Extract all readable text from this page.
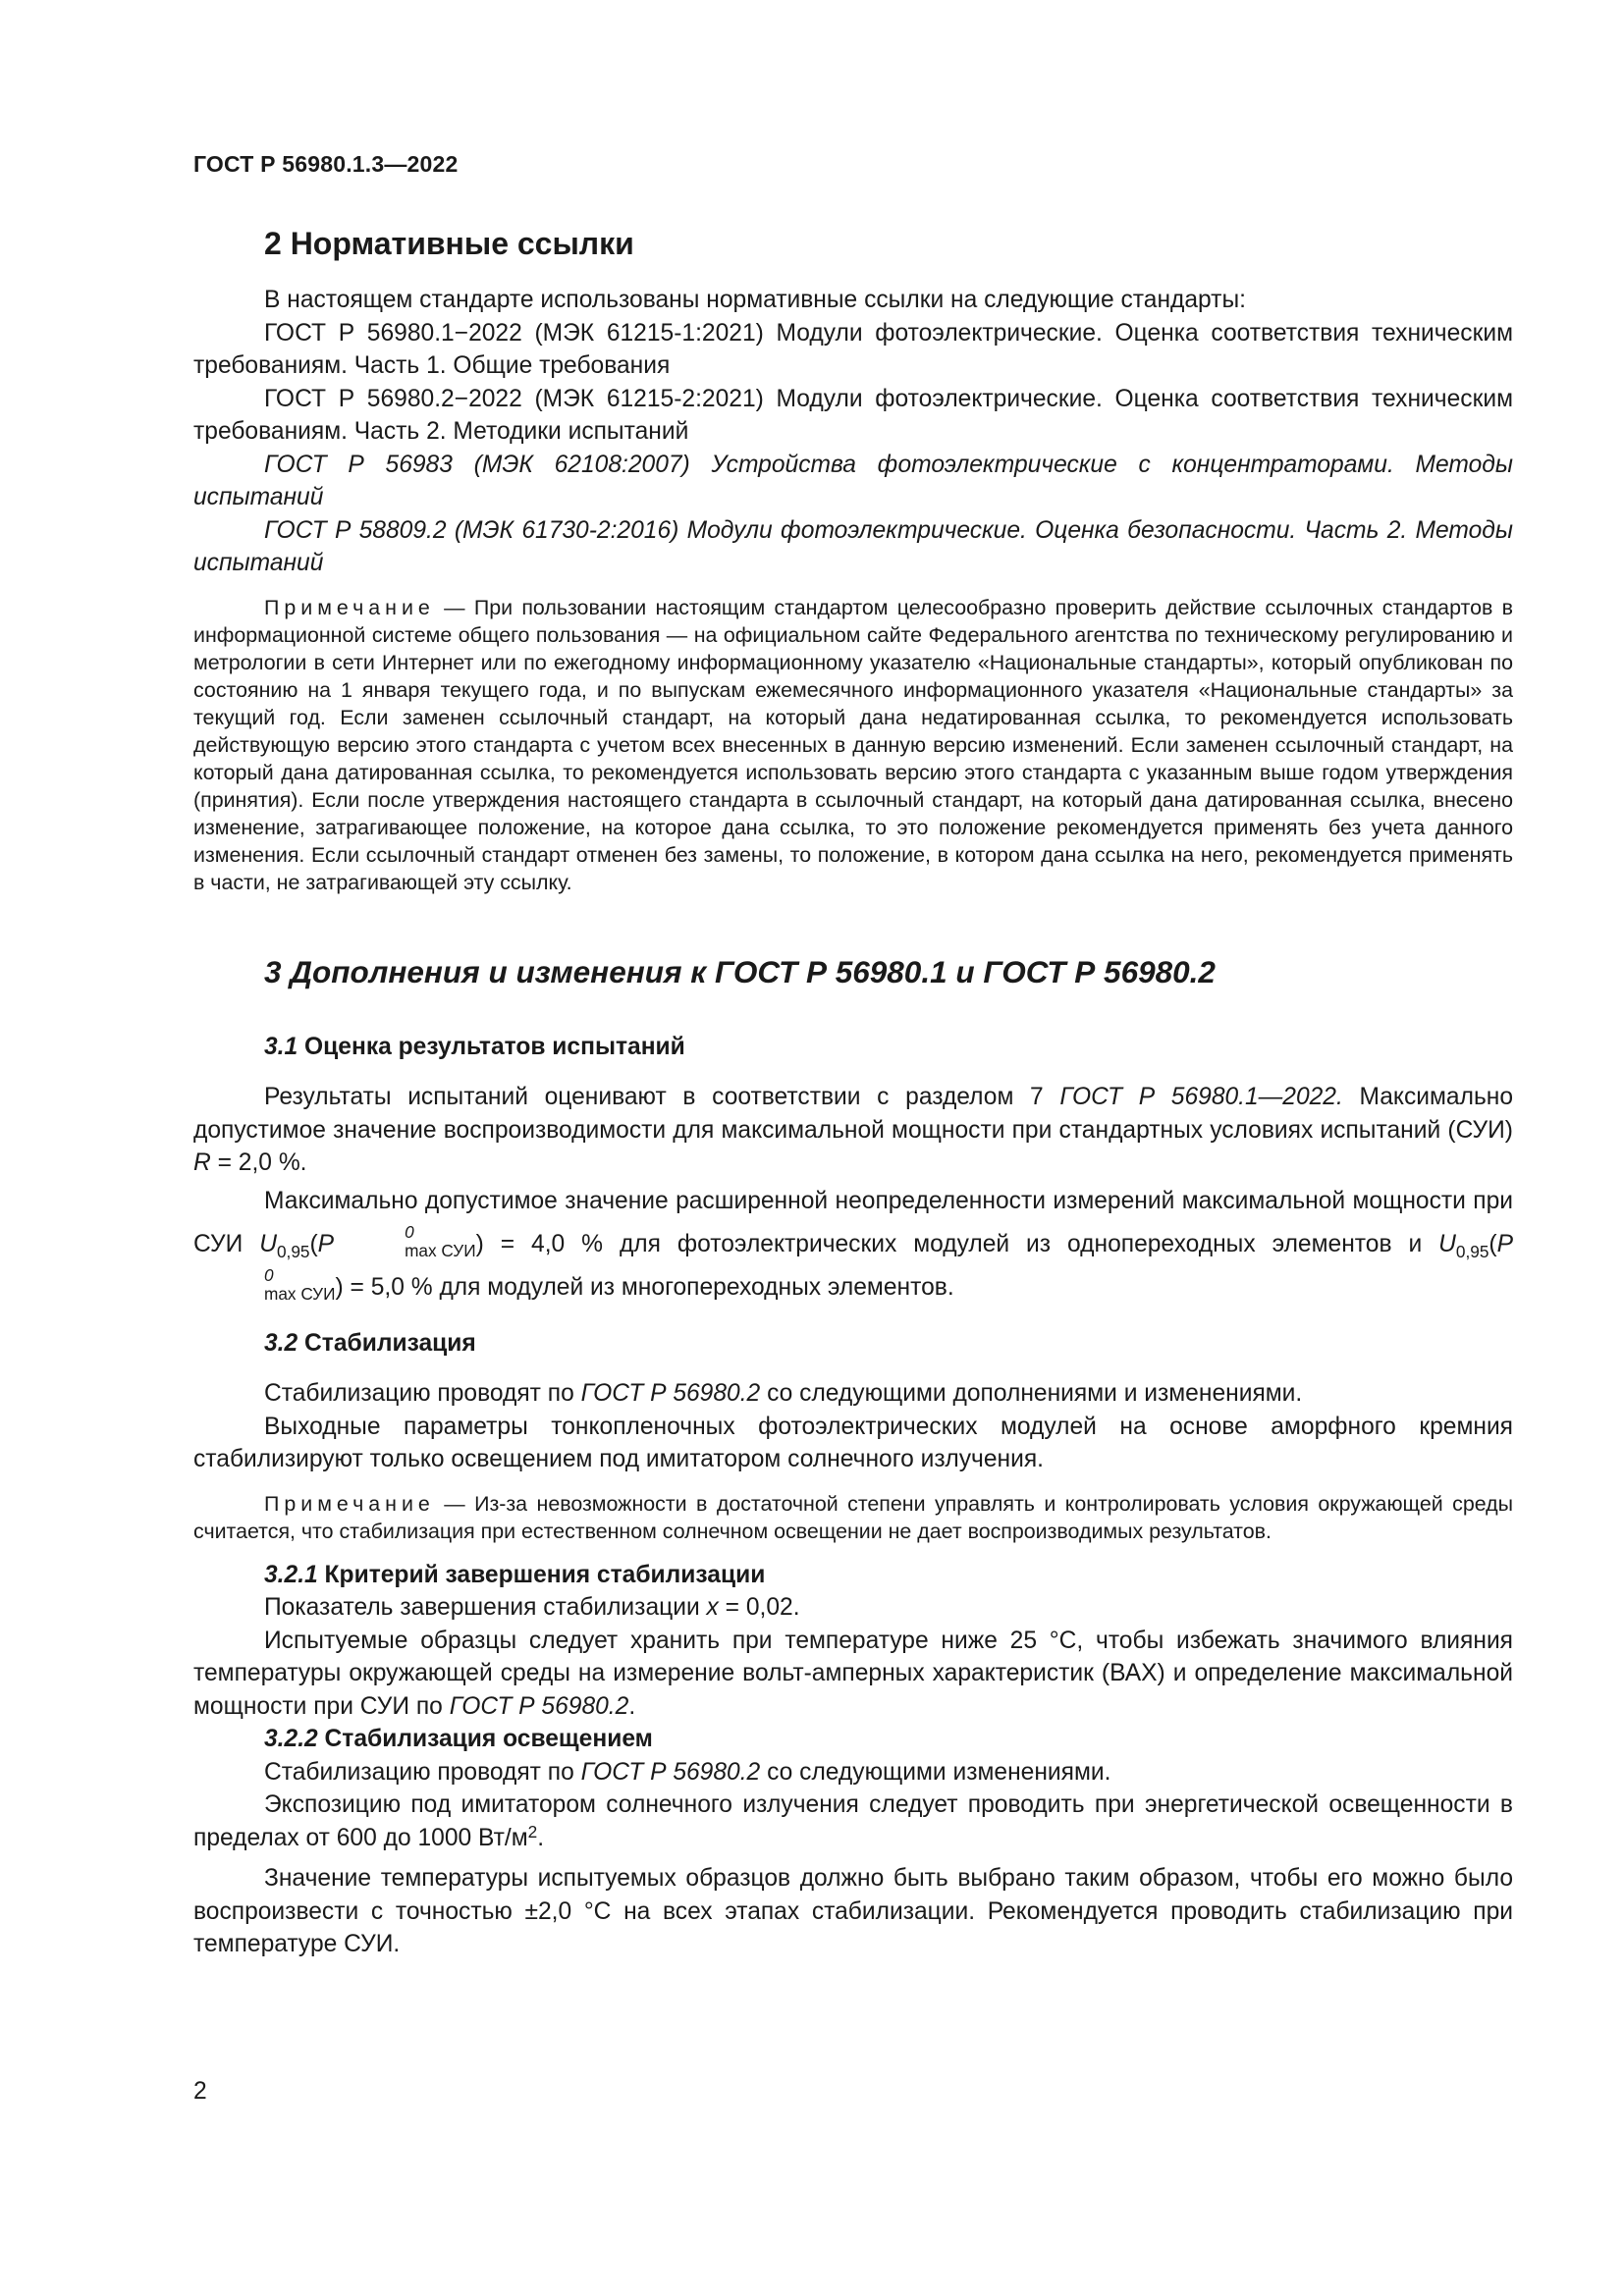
ГОСТ Р 56980.1.3—2022
2 Нормативные ссылки

В настоящем стандарте использованы нормативные ссылки на следующие стандарты:

ГОСТ Р 56980.1−2022 (МЭК 61215-1:2021) Модули фотоэлектрические. Оценка соответствия техническим требованиям. Часть 1. Общие требования

ГОСТ Р 56980.2−2022 (МЭК 61215-2:2021) Модули фотоэлектрические. Оценка соответствия техническим требованиям. Часть 2. Методики испытаний

ГОСТ Р 56983 (МЭК 62108:2007) Устройства фотоэлектрические с концентраторами. Методы испытаний

ГОСТ Р 58809.2 (МЭК 61730-2:2016) Модули фотоэлектрические. Оценка безопасности. Часть 2. Методы испытаний

Примечание — При пользовании настоящим стандартом целесообразно проверить действие ссылочных стандартов в информационной системе общего пользования — на официальном сайте Федерального агентства по техническому регулированию и метрологии в сети Интернет или по ежегодному информационному указателю «Национальные стандарты», который опубликован по состоянию на 1 января текущего года, и по выпускам ежемесячного информационного указателя «Национальные стандарты» за текущий год. Если заменен ссылочный стандарт, на который дана недатированная ссылка, то рекомендуется использовать действующую версию этого стандарта с учетом всех внесенных в данную версию изменений. Если заменен ссылочный стандарт, на который дана датированная ссылка, то рекомендуется использовать версию этого стандарта с указанным выше годом утверждения (принятия). Если после утверждения настоящего стандарта в ссылочный стандарт, на который дана датированная ссылка, внесено изменение, затрагивающее положение, на которое дана ссылка, то это положение рекомендуется применять без учета данного изменения. Если ссылочный стандарт отменен без замены, то положение, в котором дана ссылка на него, рекомендуется применять в части, не затрагивающей эту ссылку.

3 Дополнения и изменения к ГОСТ Р 56980.1 и ГОСТ Р 56980.2
3.1 Оценка результатов испытаний

Результаты испытаний оценивают в соответствии с разделом 7 ГОСТ Р 56980.1—2022. Максимально допустимое значение воспроизводимости для максимальной мощности при стандартных условиях испытаний (СУИ) R = 2,0 %.

Максимально допустимое значение расширенной неопределенности измерений максимальной мощности при СУИ $U_{0,95}(P$	0
max СУИ ) = 4,0 % для фотоэлектрических модулей из однопереходных элементов и $U_{0,95}(P$
0
max СУИ ) = 5,0 % для модулей из многопереходных элементов.

3.2 Стабилизация

Стабилизацию проводят по ГОСТ Р 56980.2 со следующими дополнениями и изменениями.

Выходные параметры тонкопленочных фотоэлектрических модулей на основе аморфного кремния стабилизируют только освещением под имитатором солнечного излучения.

Примечание — Из-за невозможности в достаточной степени управлять и контролировать условия окружающей среды считается, что стабилизация при естественном солнечном освещении не дает воспроизводимых результатов.

3.2.1 Критерий завершения стабилизации

Показатель завершения стабилизации x = 0,02.

Испытуемые образцы следует хранить при температуре ниже 25 °С, чтобы избежать значимого влияния температуры окружающей среды на измерение вольт-амперных характеристик (ВАХ) и определение максимальной мощности при СУИ по ГОСТ Р 56980.2.

3.2.2 Стабилизация освещением

Стабилизацию проводят по ГОСТ Р 56980.2 со следующими изменениями.

Экспозицию под имитатором солнечного излучения следует проводить при энергетической освещенности в пределах от 600 до 1000 $Вт/м^2$.

Значение температуры испытуемых образцов должно быть выбрано таким образом, чтобы его можно было воспроизвести с точностью ±2,0 °С на всех этапах стабилизации. Рекомендуется проводить стабилизацию при температуре СУИ.

2
